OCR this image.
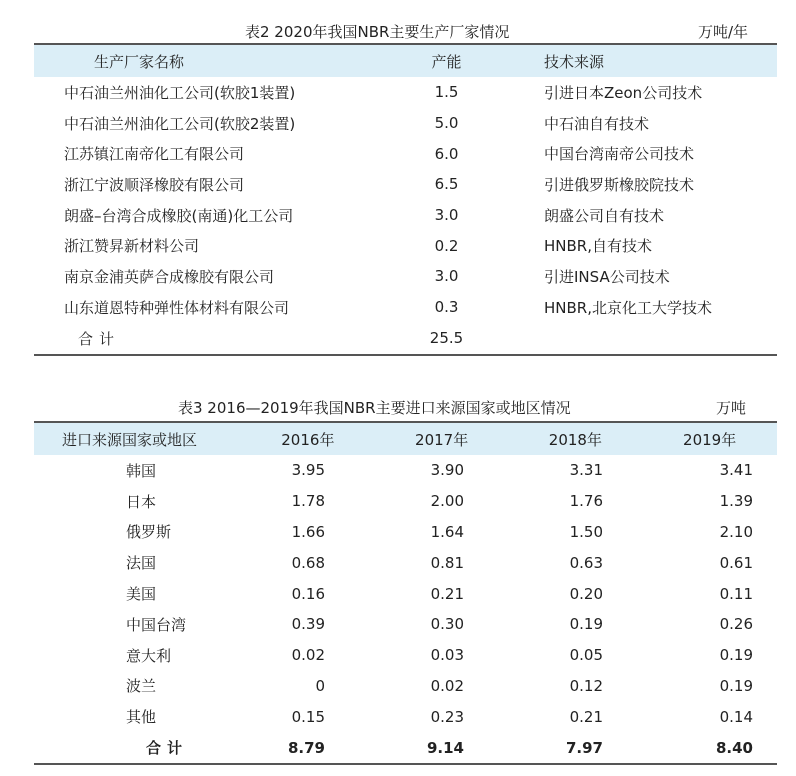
表2 2020年我国NBR主要生产厂家情况	万吨/年
生产厂家名称	产能	技术来源
中石油兰州油化工公司(软胶1装置)	1.5	引进日本Zeon公司技术
中石油兰州油化工公司(软胶2装置)	5.0	中石油自有技术
江苏镇江南帝化工有限公司	6.0	中国台湾南帝公司技术
浙江宁波顺泽橡胶有限公司	6.5	引进俄罗斯橡胶院技术
朗盛–台湾合成橡胶(南通)化工公司	3.0	朗盛公司自有技术
浙江赞昇新材料公司	0.2	HNBR,自有技术
南京金浦英萨合成橡胶有限公司	3.0	引进INSA公司技术
山东道恩特种弹性体材料有限公司	0.3	HNBR,北京化工大学技术
合计	25.5
表3 2016—2019年我国NBR主要进口来源国家或地区情况	万吨
进口来源国家或地区	2016年	2017年	2018年	2019年
韩国	3.95	3.90	3.31	3.41
日本	1.78	2.00	1.76	1.39
俄罗斯	1.66	1.64	1.50	2.10
法国	0.68	0.81	0.63	0.61
美国	0.16	0.21	0.20	0.11
中国台湾	0.39	0.30	0.19	0.26
意大利	0.02	0.03	0.05	0.19
波兰	0	0.02	0.12	0.19
其他	0.15	0.23	0.21	0.14
合计	8.79	9.14	7.97	8.40
